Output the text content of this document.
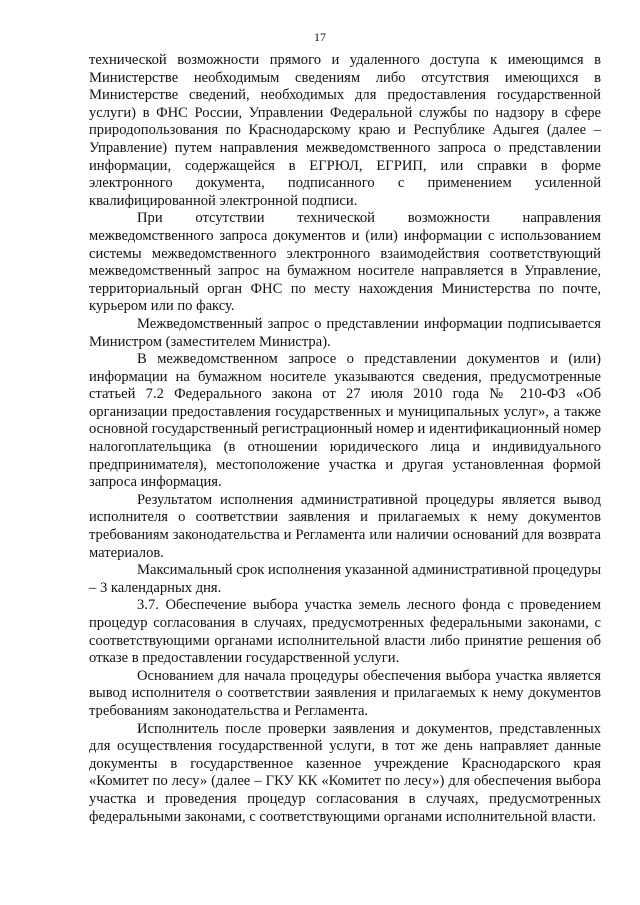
17

технической возможности прямого и удаленного доступа к имеющимся в Министерстве необходимым сведениям либо отсутствия имеющихся в Министерстве сведений, необходимых для предоставления государственной услуги) в ФНС России, Управлении Федеральной службы по надзору в сфере природопользования по Краснодарскому краю и Республике Адыгея (далее – Управление) путем направления межведомственного запроса о представлении информации, содержащейся в ЕГРЮЛ, ЕГРИП, или справки в форме электронного документа, подписанного с применением усиленной квалифицированной электронной подписи.

При отсутствии технической возможности направления межведомственного запроса документов и (или) информации с использованием системы межведомственного электронного взаимодействия соответствующий межведомственный запрос на бумажном носителе направляется в Управление, территориальный орган ФНС по месту нахождения Министерства по почте, курьером или по факсу.

Межведомственный запрос о представлении информации подписывается Министром (заместителем Министра).

В межведомственном запросе о представлении документов и (или) информации на бумажном носителе указываются сведения, предусмотренные статьей 7.2 Федерального закона от 27 июля 2010 года № 210-ФЗ «Об организации предоставления государственных и муниципальных услуг», а также основной государственный регистрационный номер и идентификационный номер налогоплательщика (в отношении юридического лица и индивидуального предпринимателя), местоположение участка и другая установленная формой запроса информация.

Результатом исполнения административной процедуры является вывод исполнителя о соответствии заявления и прилагаемых к нему документов требованиям законодательства и Регламента или наличии оснований для возврата материалов.

Максимальный срок исполнения указанной административной процедуры – 3 календарных дня.

3.7. Обеспечение выбора участка земель лесного фонда с проведением процедур согласования в случаях, предусмотренных федеральными законами, с соответствующими органами исполнительной власти либо принятие решения об отказе в предоставлении государственной услуги.

Основанием для начала процедуры обеспечения выбора участка является вывод исполнителя о соответствии заявления и прилагаемых к нему документов требованиям законодательства и Регламента.

Исполнитель после проверки заявления и документов, представленных для осуществления государственной услуги, в тот же день направляет данные документы в государственное казенное учреждение Краснодарского края «Комитет по лесу» (далее – ГКУ КК «Комитет по лесу») для обеспечения выбора участка и проведения процедур согласования в случаях, предусмотренных федеральными законами, с соответствующими органами исполнительной власти.
